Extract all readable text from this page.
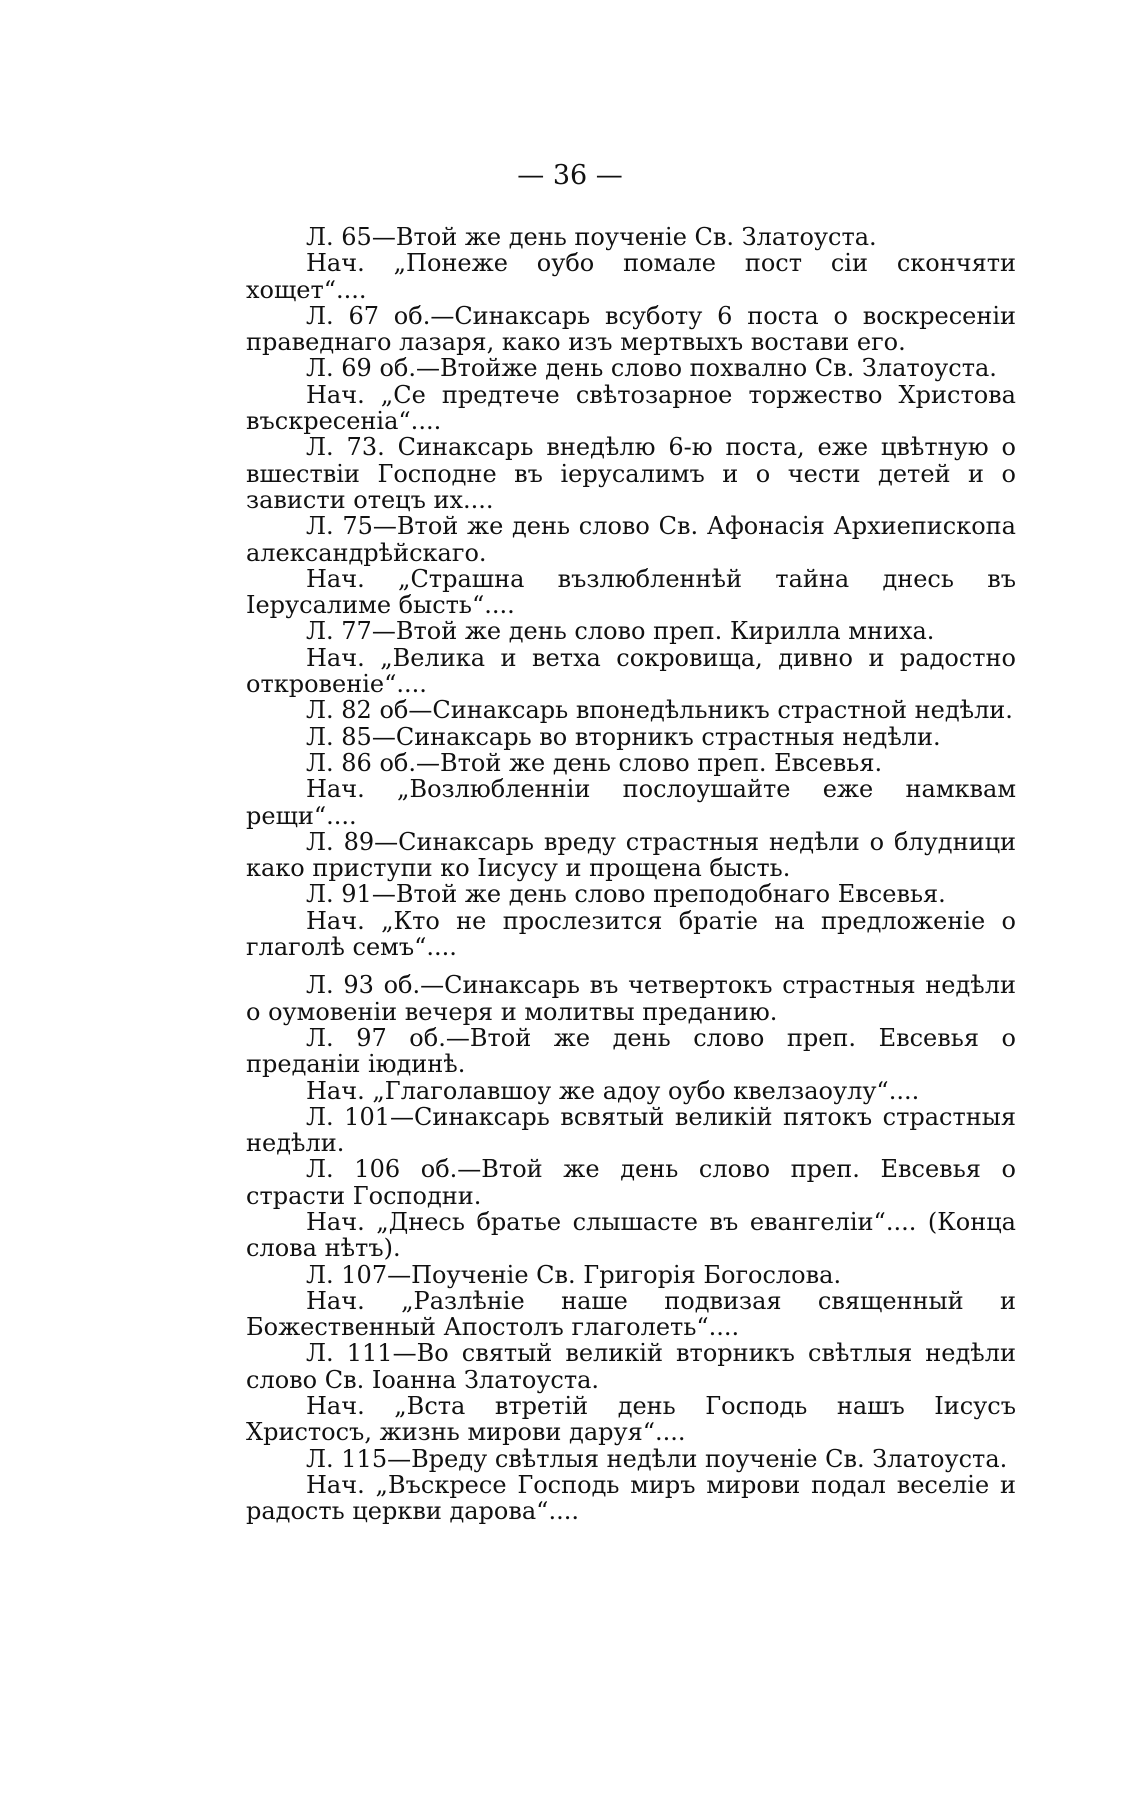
— 36 —

Л. 65—Втой же день поученіе Св. Златоуста.

Нач. „Понеже оубо помале пост сіи скончяти хощет“....

Л. 67 об.—Синаксарь всуботу 6 поста о воскресеніи праведнаго лазаря, како изъ мертвыхъ востави его.

Л. 69 об.—Втойже день слово похвално Св. Златоуста.

Нач. „Се предтече свѣтозарное торжество Христова въскресеніа“....

Л. 73. Синаксарь внедѣлю 6-ю поста, еже цвѣтную о вшествіи Господне въ іерусалимъ и о чести детей и о зависти отецъ их....

Л. 75—Втой же день слово Св. Афонасія Архиепископа александрѣйскаго.

Нач. „Страшна възлюбленнѣй тайна днесь въ Іерусалиме бысть“....

Л. 77—Втой же день слово преп. Кирилла мниха.

Нач. „Велика и ветха сокровища, дивно и радостно откровеніе“....

Л. 82 об—Синаксарь впонедѣльникъ страстной недѣли.

Л. 85—Синаксарь во вторникъ страстныя недѣли.

Л. 86 об.—Втой же день слово преп. Евсевья.

Нач. „Возлюбленніи послоушайте еже намквам рещи“....

Л. 89—Синаксарь вреду страстныя недѣли о блудници како приступи ко Іисусу и прощена бысть.

Л. 91—Втой же день слово преподобнаго Евсевья.

Нач. „Кто не прослезится братіе на предложеніе о глаголѣ семъ“....

Л. 93 об.—Синаксарь въ четвертокъ страстныя недѣли о оумовеніи вечеря и молитвы преданию.

Л. 97 об.—Втой же день слово преп. Евсевья о преданіи іюдинѣ.

Нач. „Глаголавшоу же адоу оубо квелзаоулу“....

Л. 101—Синаксарь всвятый великій пятокъ страстныя недѣли.

Л. 106 об.—Втой же день слово преп. Евсевья о страсти Господни.

Нач. „Днесь братье слышасте въ евангеліи“.... (Конца слова нѣтъ).

Л. 107—Поученіе Св. Григорія Богослова.

Нач. „Разлѣніе наше подвизая священный и Божественный Апостолъ глаголеть“....

Л. 111—Во святый великій вторникъ свѣтлыя недѣли слово Св. Іоанна Златоуста.

Нач. „Вста втретій день Господь нашъ Іисусъ Христосъ, жизнь мирови даруя“....

Л. 115—Вреду свѣтлыя недѣли поученіе Св. Златоуста.

Нач. „Въскресе Господь миръ мирови подал веселіе и радость церкви дарова“....
